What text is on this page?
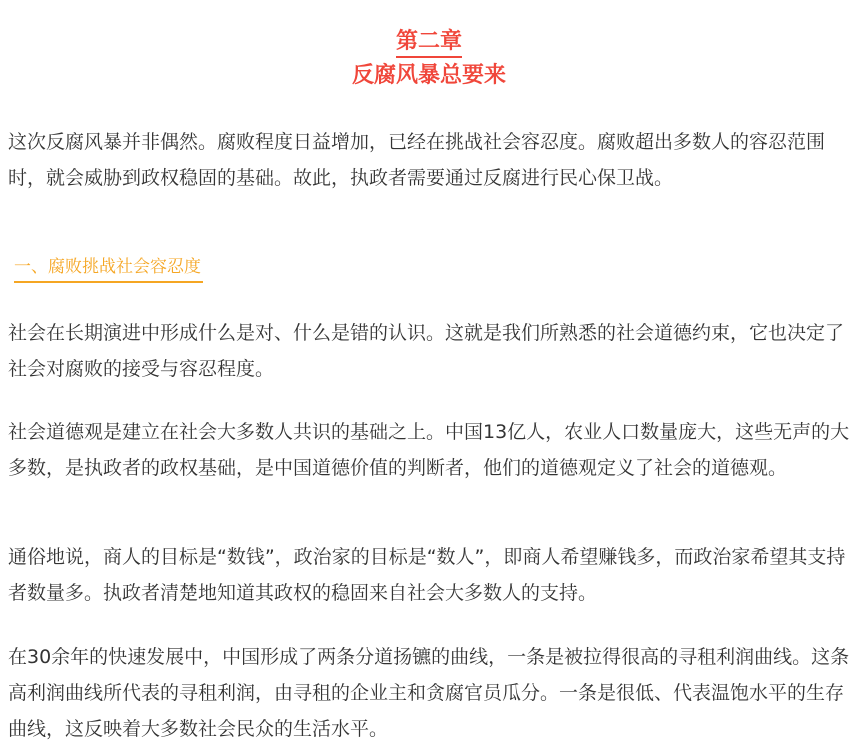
第二章
反腐风暴总要来

这次反腐风暴并非偶然。腐败程度日益增加，已经在挑战社会容忍度。腐败超出多数人的容忍范围时，就会威胁到政权稳固的基础。故此，执政者需要通过反腐进行民心保卫战。

一、腐败挑战社会容忍度

社会在长期演进中形成什么是对、什么是错的认识。这就是我们所熟悉的社会道德约束，它也决定了社会对腐败的接受与容忍程度。

社会道德观是建立在社会大多数人共识的基础之上。中国13亿人，农业人口数量庞大，这些无声的大多数，是执政者的政权基础，是中国道德价值的判断者，他们的道德观定义了社会的道德观。

通俗地说，商人的目标是“数钱”，政治家的目标是“数人”，即商人希望赚钱多，而政治家希望其支持者数量多。执政者清楚地知道其政权的稳固来自社会大多数人的支持。

在30余年的快速发展中，中国形成了两条分道扬镳的曲线，一条是被拉得很高的寻租利润曲线。这条高利润曲线所代表的寻租利润，由寻租的企业主和贪腐官员瓜分。一条是很低、代表温饱水平的生存曲线，这反映着大多数社会民众的生活水平。
